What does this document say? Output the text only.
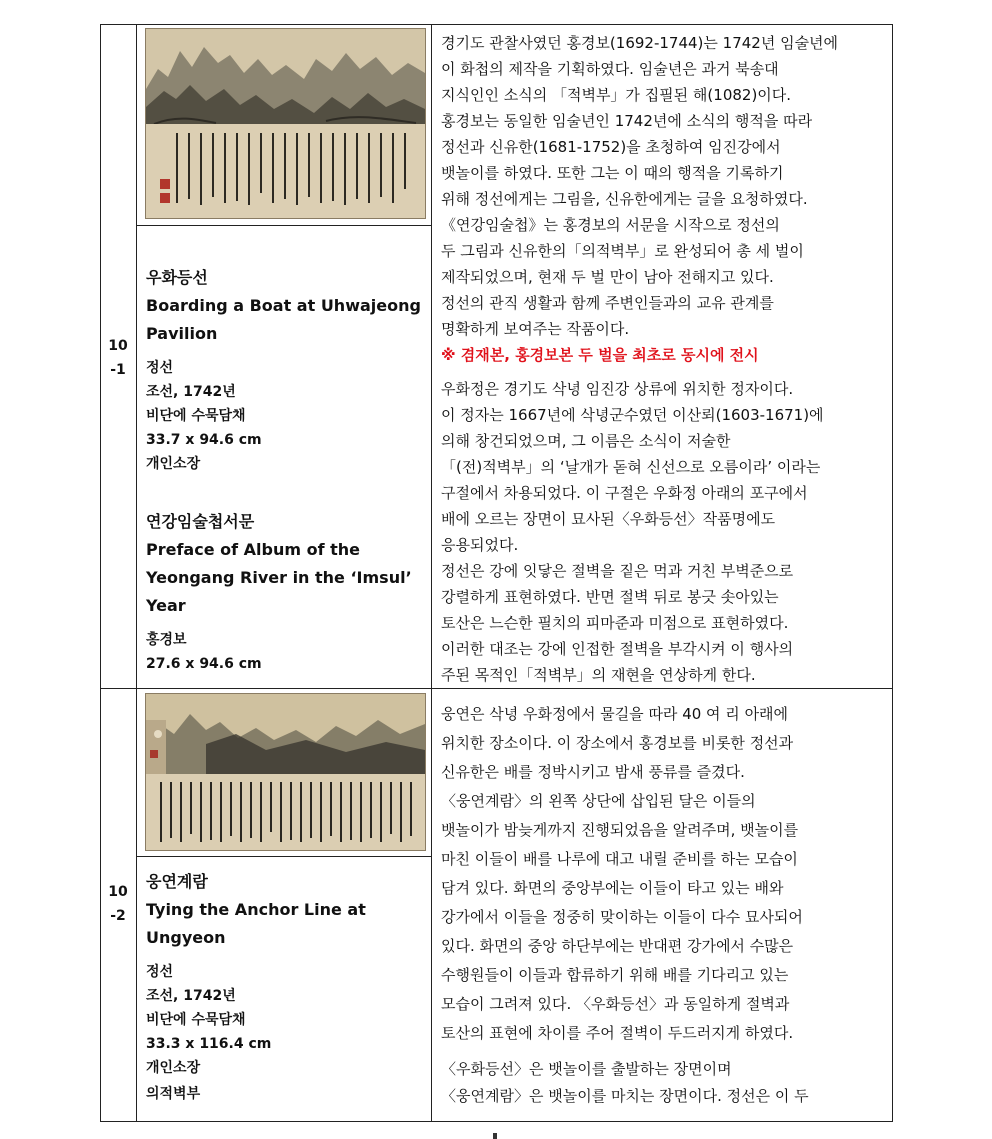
10
-1
우화등선
Boarding a Boat at Uhwajeong Pavilion
정선
조선, 1742년
비단에 수묵담채
33.7 x 94.6 cm
개인소장
연강임술첩서문
Preface of Album of the Yeongang River in the ‘Imsul’ Year
홍경보
27.6 x 94.6 cm

경기도 관찰사였던 홍경보(1692-1744)는 1742년 임술년에

이 화첩의 제작을 기획하였다. 임술년은 과거 북송대

지식인인 소식의 「적벽부」가 집필된 해(1082)이다.

홍경보는 동일한 임술년인 1742년에 소식의 행적을 따라

정선과 신유한(1681-1752)을 초청하여 임진강에서

뱃놀이를 하였다. 또한 그는 이 때의 행적을 기록하기

위해 정선에게는 그림을, 신유한에게는 글을 요청하였다.

《연강임술첩》는 홍경보의 서문을 시작으로 정선의

두 그림과 신유한의「의적벽부」로 완성되어 총 세 벌이

제작되었으며, 현재 두 벌 만이 남아 전해지고 있다.

정선의 관직 생활과 함께 주변인들과의 교유 관계를

명확하게 보여주는 작품이다.

※ 겸재본, 홍경보본 두 벌을 최초로 동시에 전시

우화정은 경기도 삭녕 임진강 상류에 위치한 정자이다.

이 정자는 1667년에 삭녕군수였던 이산뢰(1603-1671)에

의해 창건되었으며, 그 이름은 소식이 저술한

「(전)적벽부」의 ‘날개가 돋혀 신선으로 오름이라’ 이라는

구절에서 차용되었다. 이 구절은 우화정 아래의 포구에서

배에 오르는 장면이 묘사된〈우화등선〉작품명에도

응용되었다.

정선은 강에 잇닿은 절벽을 짙은 먹과 거친 부벽준으로

강렬하게 표현하였다. 반면 절벽 뒤로 봉긋 솟아있는

토산은 느슨한 필치의 피마준과 미점으로 표현하였다.

이러한 대조는 강에 인접한 절벽을 부각시켜 이 행사의

주된 목적인「적벽부」의 재현을 연상하게 한다.

10
-2
웅연계람
Tying the Anchor Line at Ungyeon
정선
조선, 1742년
비단에 수묵담채
33.3 x 116.4 cm
개인소장
의적벽부

웅연은 삭녕 우화정에서 물길을 따라 40 여 리 아래에

위치한 장소이다. 이 장소에서 홍경보를 비롯한 정선과

신유한은 배를 정박시키고 밤새 풍류를 즐겼다.

〈웅연계람〉의 왼쪽 상단에 삽입된 달은 이들의

뱃놀이가 밤늦게까지 진행되었음을 알려주며, 뱃놀이를

마친 이들이 배를 나루에 대고 내릴 준비를 하는 모습이

담겨 있다. 화면의 중앙부에는 이들이 타고 있는 배와

강가에서 이들을 정중히 맞이하는 이들이 다수 묘사되어

있다. 화면의 중앙 하단부에는 반대편 강가에서 수많은

수행원들이 이들과 합류하기 위해 배를 기다리고 있는

모습이 그려져 있다. 〈우화등선〉과 동일하게 절벽과

토산의 표현에 차이를 주어 절벽이 두드러지게 하였다.

〈우화등선〉은 뱃놀이를 출발하는 장면이며

〈웅연계람〉은 뱃놀이를 마치는 장면이다. 정선은 이 두
